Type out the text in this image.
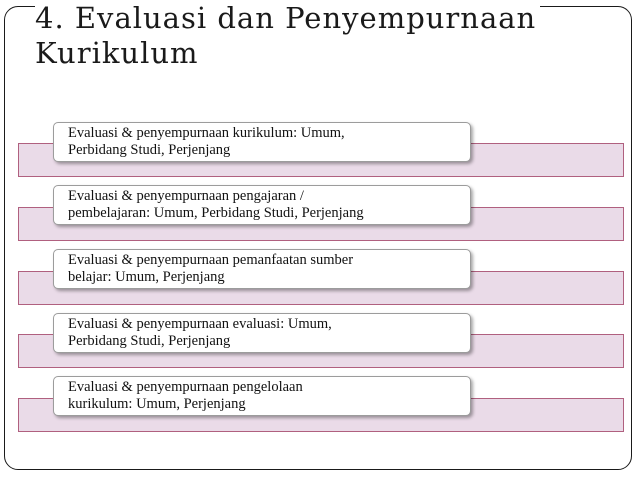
4. Evaluasi dan Penyempurnaan
Kurikulum
Evaluasi & penyempurnaan kurikulum: Umum,
Perbidang Studi, Perjenjang
Evaluasi & penyempurnaan pengajaran /
pembelajaran: Umum, Perbidang Studi, Perjenjang
Evaluasi & penyempurnaan pemanfaatan sumber
belajar: Umum, Perjenjang
Evaluasi & penyempurnaan evaluasi: Umum,
Perbidang Studi, Perjenjang
Evaluasi & penyempurnaan pengelolaan
kurikulum: Umum, Perjenjang
